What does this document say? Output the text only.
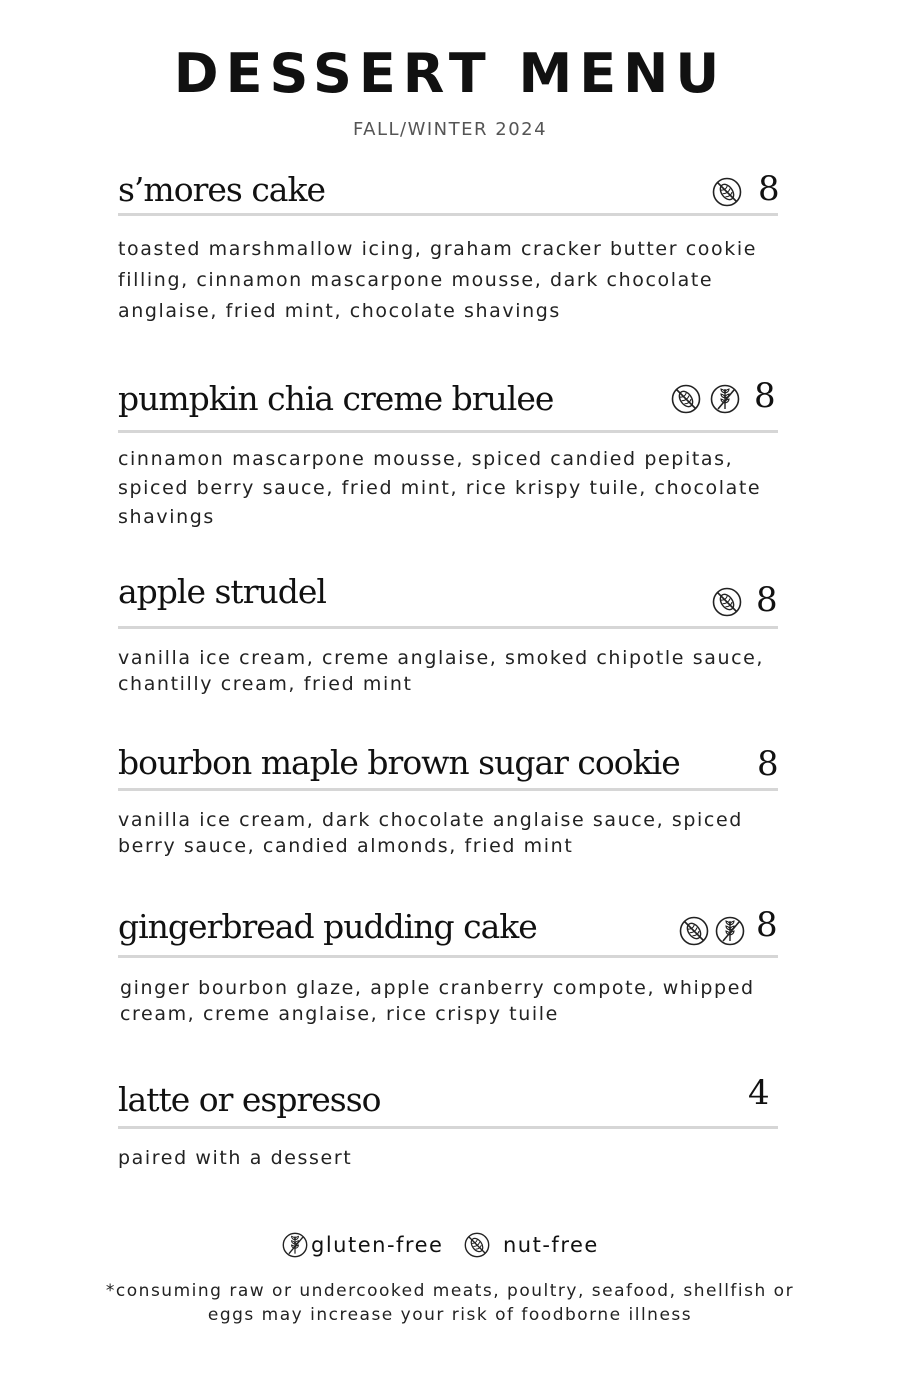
DESSERT MENU
FALL/WINTER 2024
s’mores cake	8
toasted marshmallow icing, graham cracker butter cookie
filling, cinnamon mascarpone mousse, dark chocolate
anglaise, fried mint, chocolate shavings
pumpkin chia creme brulee	8
cinnamon mascarpone mousse, spiced candied pepitas,
spiced berry sauce, fried mint, rice krispy tuile, chocolate
shavings
apple strudel	8
vanilla ice cream, creme anglaise, smoked chipotle sauce,
chantilly cream, fried mint
bourbon maple brown sugar cookie 8
vanilla ice cream, dark chocolate anglaise sauce, spiced
berry sauce, candied almonds, fried mint
gingerbread pudding cake	8
ginger bourbon glaze, apple cranberry compote, whipped
cream, creme anglaise, rice crispy tuile
latte or espresso	4
paired with a dessert
gluten-free	nut-free
*consuming raw or undercooked meats, poultry, seafood, shellfish or
eggs may increase your risk of foodborne illness
